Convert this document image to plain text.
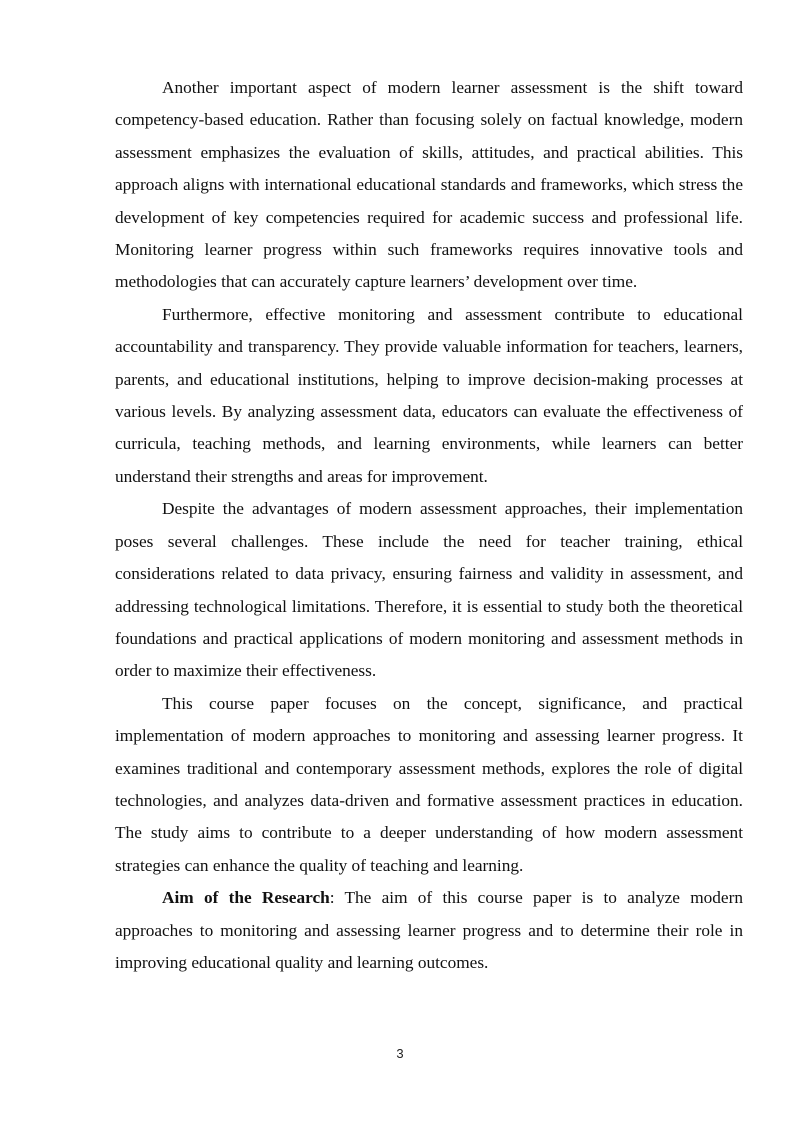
Another important aspect of modern learner assessment is the shift toward competency-based education. Rather than focusing solely on factual knowledge, modern assessment emphasizes the evaluation of skills, attitudes, and practical abilities. This approach aligns with international educational standards and frameworks, which stress the development of key competencies required for academic success and professional life. Monitoring learner progress within such frameworks requires innovative tools and methodologies that can accurately capture learners’ development over time.

Furthermore, effective monitoring and assessment contribute to educational accountability and transparency. They provide valuable information for teachers, learners, parents, and educational institutions, helping to improve decision-making processes at various levels. By analyzing assessment data, educators can evaluate the effectiveness of curricula, teaching methods, and learning environments, while learners can better understand their strengths and areas for improvement.

Despite the advantages of modern assessment approaches, their implementation poses several challenges. These include the need for teacher training, ethical considerations related to data privacy, ensuring fairness and validity in assessment, and addressing technological limitations. Therefore, it is essential to study both the theoretical foundations and practical applications of modern monitoring and assessment methods in order to maximize their effectiveness.

This course paper focuses on the concept, significance, and practical implementation of modern approaches to monitoring and assessing learner progress. It examines traditional and contemporary assessment methods, explores the role of digital technologies, and analyzes data-driven and formative assessment practices in education. The study aims to contribute to a deeper understanding of how modern assessment strategies can enhance the quality of teaching and learning.

Aim of the Research: The aim of this course paper is to analyze modern approaches to monitoring and assessing learner progress and to determine their role in improving educational quality and learning outcomes.

3
